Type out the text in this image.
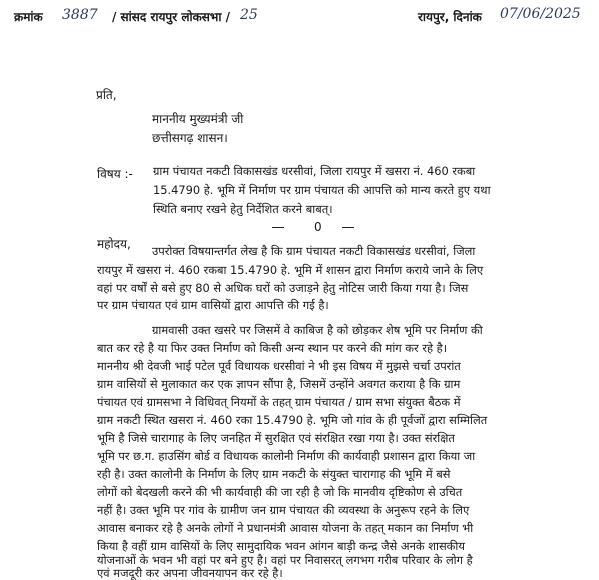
क्रमांक 3887 / सांसद रायपुर लोकसभा / 25	रायपुर, दिनांक 07/06/2025
प्रति,
माननीय मुख्यमंत्री जी
छत्तीसगढ़ शासन।
विषय :- ग्राम पंचायत नकटी विकासखंड धरसीवां, जिला रायपुर में खसरा नं. 460 रकबा
15.4790 हे. भूमि में निर्माण पर ग्राम पंचायत की आपत्ति को मान्य करते हुए यथा
स्थिति बनाए रखने हेतु निर्देशित करने बाबत्।
0
महोदय, उपरोक्त विषयान्तर्गत लेख है कि ग्राम पंचायत नकटी विकासखंड धरसीवां, जिला
रायपुर में खसरा नं. 460 रकबा 15.4790 हे. भूमि में शासन द्वारा निर्माण कराये जाने के लिए
वहां पर वर्षों से बसे हुए 80 से अधिक घरों को उजाड़ने हेतु नोटिस जारी किया गया है। जिस
पर ग्राम पंचायत एवं ग्राम वासियों द्वारा आपत्ति की गई है।
ग्रामवासी उक्त खसरे पर जिसमें वे काबिज है को छोड़कर शेष भूमि पर निर्माण की
बात कर रहे है या फिर उक्त निर्माण को किसी अन्य स्थान पर करने की मांग कर रहे है।
माननीय श्री देवजी भाई पटेल पूर्व विधायक धरसीवां ने भी इस विषय में मुझसे चर्चा उपरांत
ग्राम वासियों से मुलाकात कर एक ज्ञापन सौंपा है, जिसमें उन्होंने अवगत कराया है कि ग्राम
पंचायत एवं ग्रामसभा ने विधिवत् नियमों के तहत् ग्राम पंचायत / ग्राम सभा संयुक्त बैठक में
ग्राम नकटी स्थित खसरा नं. 460 रका 15.4790 हे. भूमि जो गांव के ही पूर्वजों द्वारा सम्मिलित
भूमि है जिसे चारागाह के लिए जनहित में सुरक्षित एवं संरक्षित रखा गया है। उक्त संरक्षित
भूमि पर छ.ग. हाउसिंग बोर्ड व विधायक कालोनी निर्माण की कार्यवाही प्रशासन द्वारा किया जा
रही है। उक्त कालोनी के निर्माण के लिए ग्राम नकटी के संयुक्त चारागाह की भूमि में बसे
लोगों को बेदखली करने की भी कार्यवाही की जा रही है जो कि मानवीय दृष्टिकोण से उचित
नहीं है। उक्त भूमि पर गांव के ग्रामीण जन ग्राम पंचायत की व्यवस्था के अनुरूप रहने के लिए
आवास बनाकर रहे है अनके लोगों ने प्रधानमंत्री आवास योजना के तहत् मकान का निर्माण भी
किया है वहीं ग्राम वासियों के लिए सामुदायिक भवन आंगन बाड़ी कन्द्र जैसे अनके शासकीय
योजनाओं के भवन भी वहां पर बने हुए है। वहां पर निवासरत् लगभग गरीब परिवार के लोग है
एवं मजदूरी कर अपना जीवनयापन कर रहे है।
